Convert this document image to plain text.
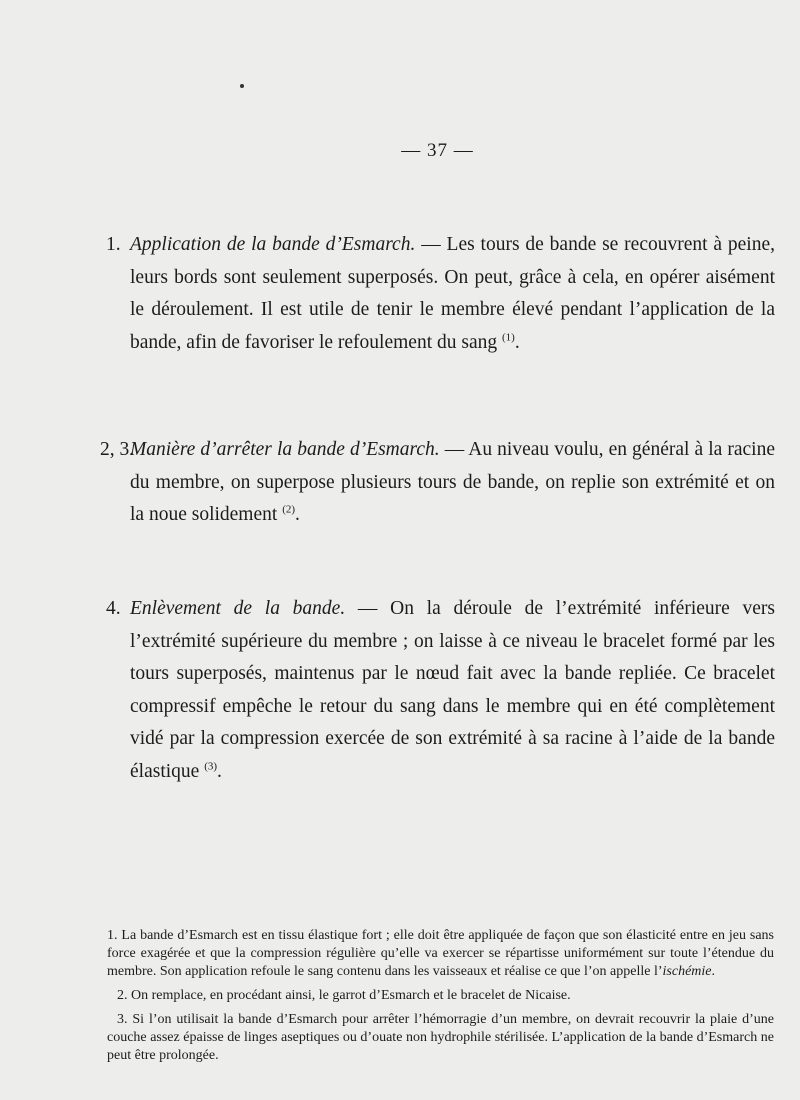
— 37 —
1. Application de la bande d’Esmarch. — Les tours de bande se recouvrent à peine, leurs bords sont seulement superposés. On peut, grâce à cela, en opérer aisément le déroulement. Il est utile de tenir le membre élevé pendant l’application de la bande, afin de favoriser le refoulement du sang $^{(1)}$.
2, 3.
Manière d’arrêter la bande d’Esmarch. — Au niveau voulu, en général à la racine du membre, on superpose plusieurs tours de bande, on replie son extrémité et on la noue solidement $^{(2)}$.
4. Enlèvement de la bande. — On la déroule de l’extrémité inférieure vers l’extrémité supérieure du membre ; on laisse à ce niveau le bracelet formé par les tours superposés, maintenus par le nœud fait avec la bande repliée. Ce bracelet compressif empêche le retour du sang dans le membre qui en été complètement vidé par la compression exercée de son extrémité à sa racine à l’aide de la bande élastique $^{(3)}$.

1. La bande d’Esmarch est en tissu élastique fort ; elle doit être appliquée de façon que son élasticité entre en jeu sans force exagérée et que la compression régulière qu’elle va exercer se répartisse uniformément sur toute l’étendue du membre. Son application refoule le sang contenu dans les vaisseaux et réalise ce que l’on appelle l’ischémie.

2. On remplace, en procédant ainsi, le garrot d’Esmarch et le bracelet de Nicaise.

3. Si l’on utilisait la bande d’Esmarch pour arrêter l’hémorragie d’un membre, on devrait recouvrir la plaie d’une couche assez épaisse de linges aseptiques ou d’ouate non hydrophile stérilisée. L’application de la bande d’Esmarch ne peut être prolongée.
